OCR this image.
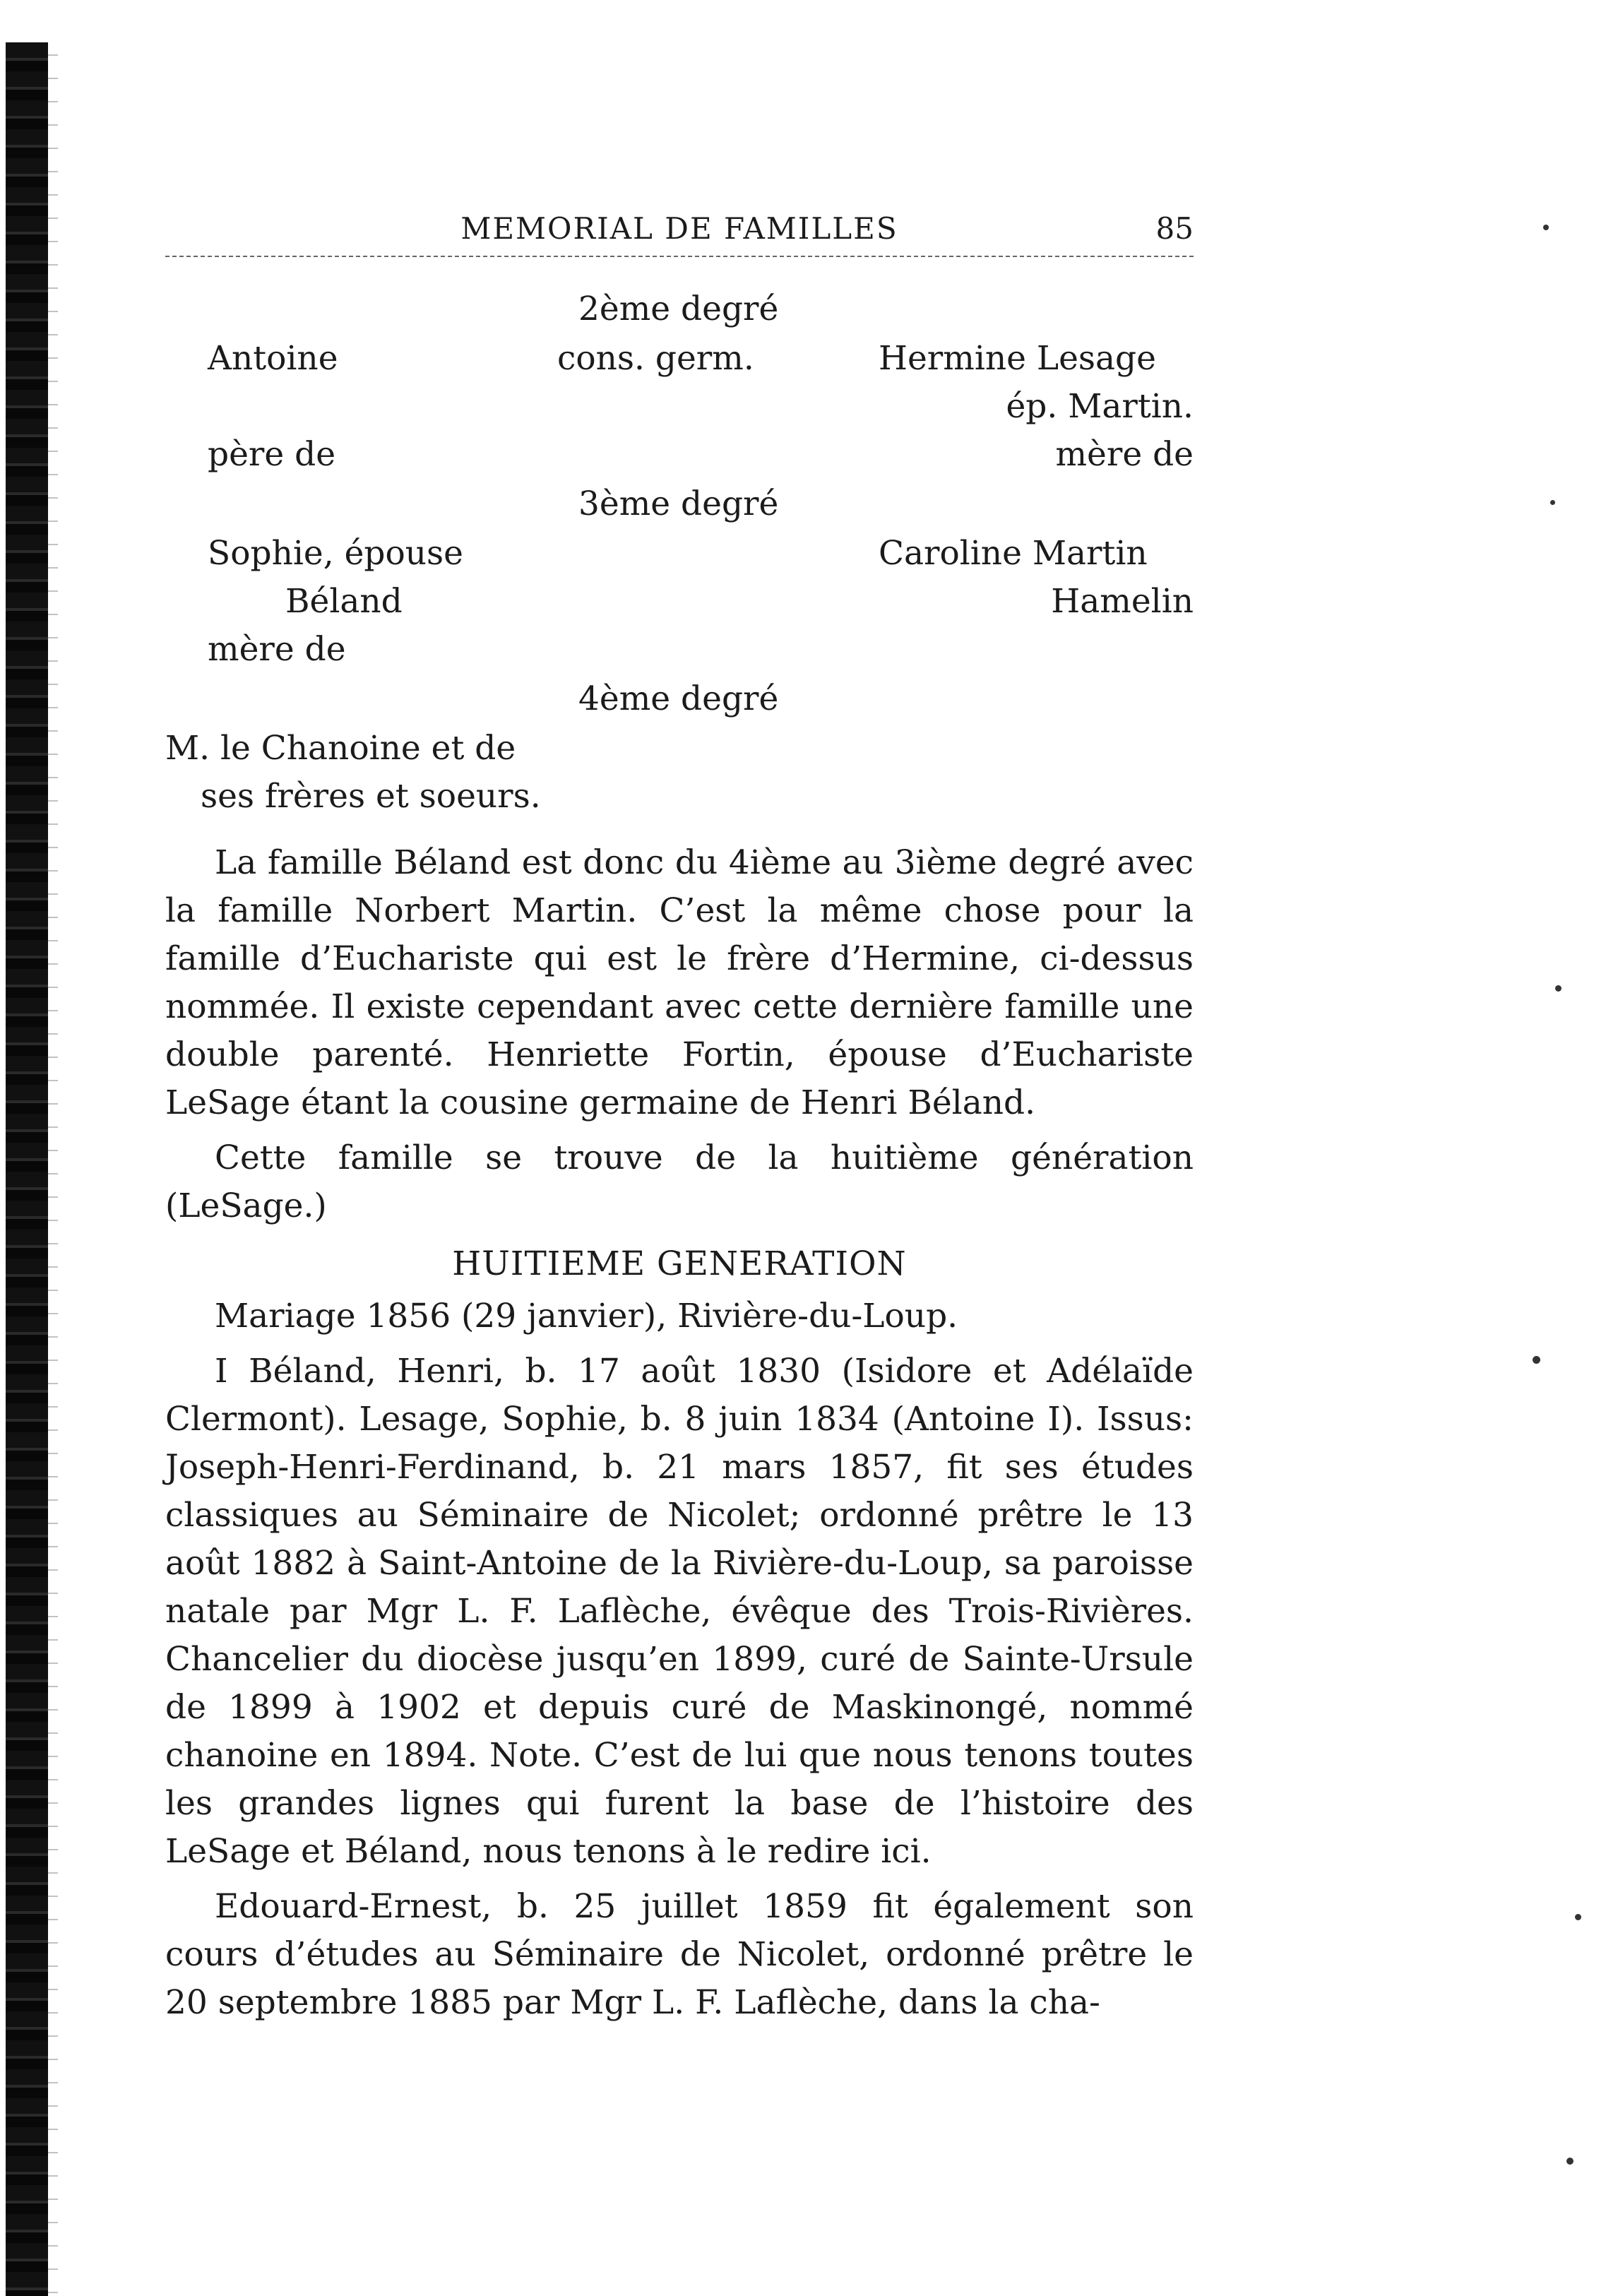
MEMORIAL DE FAMILLES	85
2ème degré
Antoine	cons. germ.	Hermine Lesage
ép. Martin.
père de	mère de
3ème degré
Sophie, épouse	Caroline Martin
Béland	Hamelin
mère de
4ème degré
M. le Chanoine et de
ses frères et soeurs.

La famille Béland est donc du 4ième au 3ième degré avec la famille Norbert Martin. C’est la même chose pour la famille d’Eucharistе qui est le frère d’Hermine, ci-dessus nommée. Il existe cependant avec cette dernière famille une double parenté. Henriette Fortin, épouse d’Eucharistе LeSage étant la cousine germaine de Henri Béland.

Cette famille se trouve de la huitième génération (LeSage.)

HUITIEME GENERATION

Mariage 1856 (29 janvier), Rivière-du-Loup.

I Béland, Henri, b. 17 août 1830 (Isidore et Adélaïde Clermont). Lesage, Sophie, b. 8 juin 1834 (Antoine I). Issus: Joseph-Henri-Ferdinand, b. 21 mars 1857, fit ses études classiques au Séminaire de Nicolet; ordonné prêtre le 13 août 1882 à Saint-Antoine de la Rivière-du-Loup, sa paroisse natale par Mgr L. F. Laflèche, évêque des Trois-Rivières. Chancelier du diocèse jusqu’en 1899, curé de Sainte-Ursule de 1899 à 1902 et depuis curé de Maskinongé, nommé chanoine en 1894. Note. C’est de lui que nous tenons toutes les grandes lignes qui furent la base de l’histoire des LeSage et Béland, nous tenons à le redire ici.

Edouard-Ernest, b. 25 juillet 1859 fit également son cours d’études au Séminaire de Nicolet, ordonné prêtre le 20 septembre 1885 par Mgr L. F. Laflèche, dans la cha-
